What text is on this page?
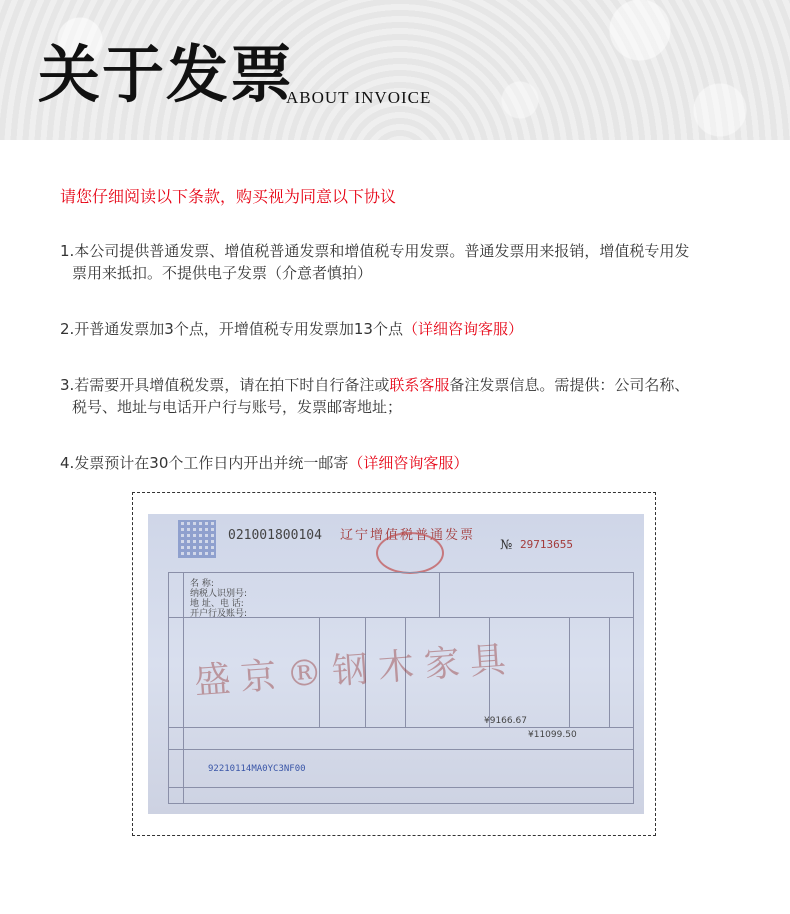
关于发票
ABOUT INVOICE
请您仔细阅读以下条款，购买视为同意以下协议
1.本公司提供普通发票、增值税普通发票和增值税专用发票。普通发票用来报销，增值税专用发
票用来抵扣。不提供电子发票（介意者慎拍）
2.开普通发票加3个点，开增值税专用发票加13个点（详细咨询客服）
3.若需要开具增值税发票，请在拍下时自行备注或联系客服备注发票信息。需提供：公司名称、
税号、地址与电话开户行与账号，发票邮寄地址；
4.发票预计在30个工作日内开出并统一邮寄（详细咨询客服）
021001800104 辽宁增值税普通发票
№ 29713655
名 称:
纳税人识别号:
地 址、电 话:
开户行及账号:
盛京®钢木家具
¥9166.67
¥11099.50
92210114MA0YC3NF00
